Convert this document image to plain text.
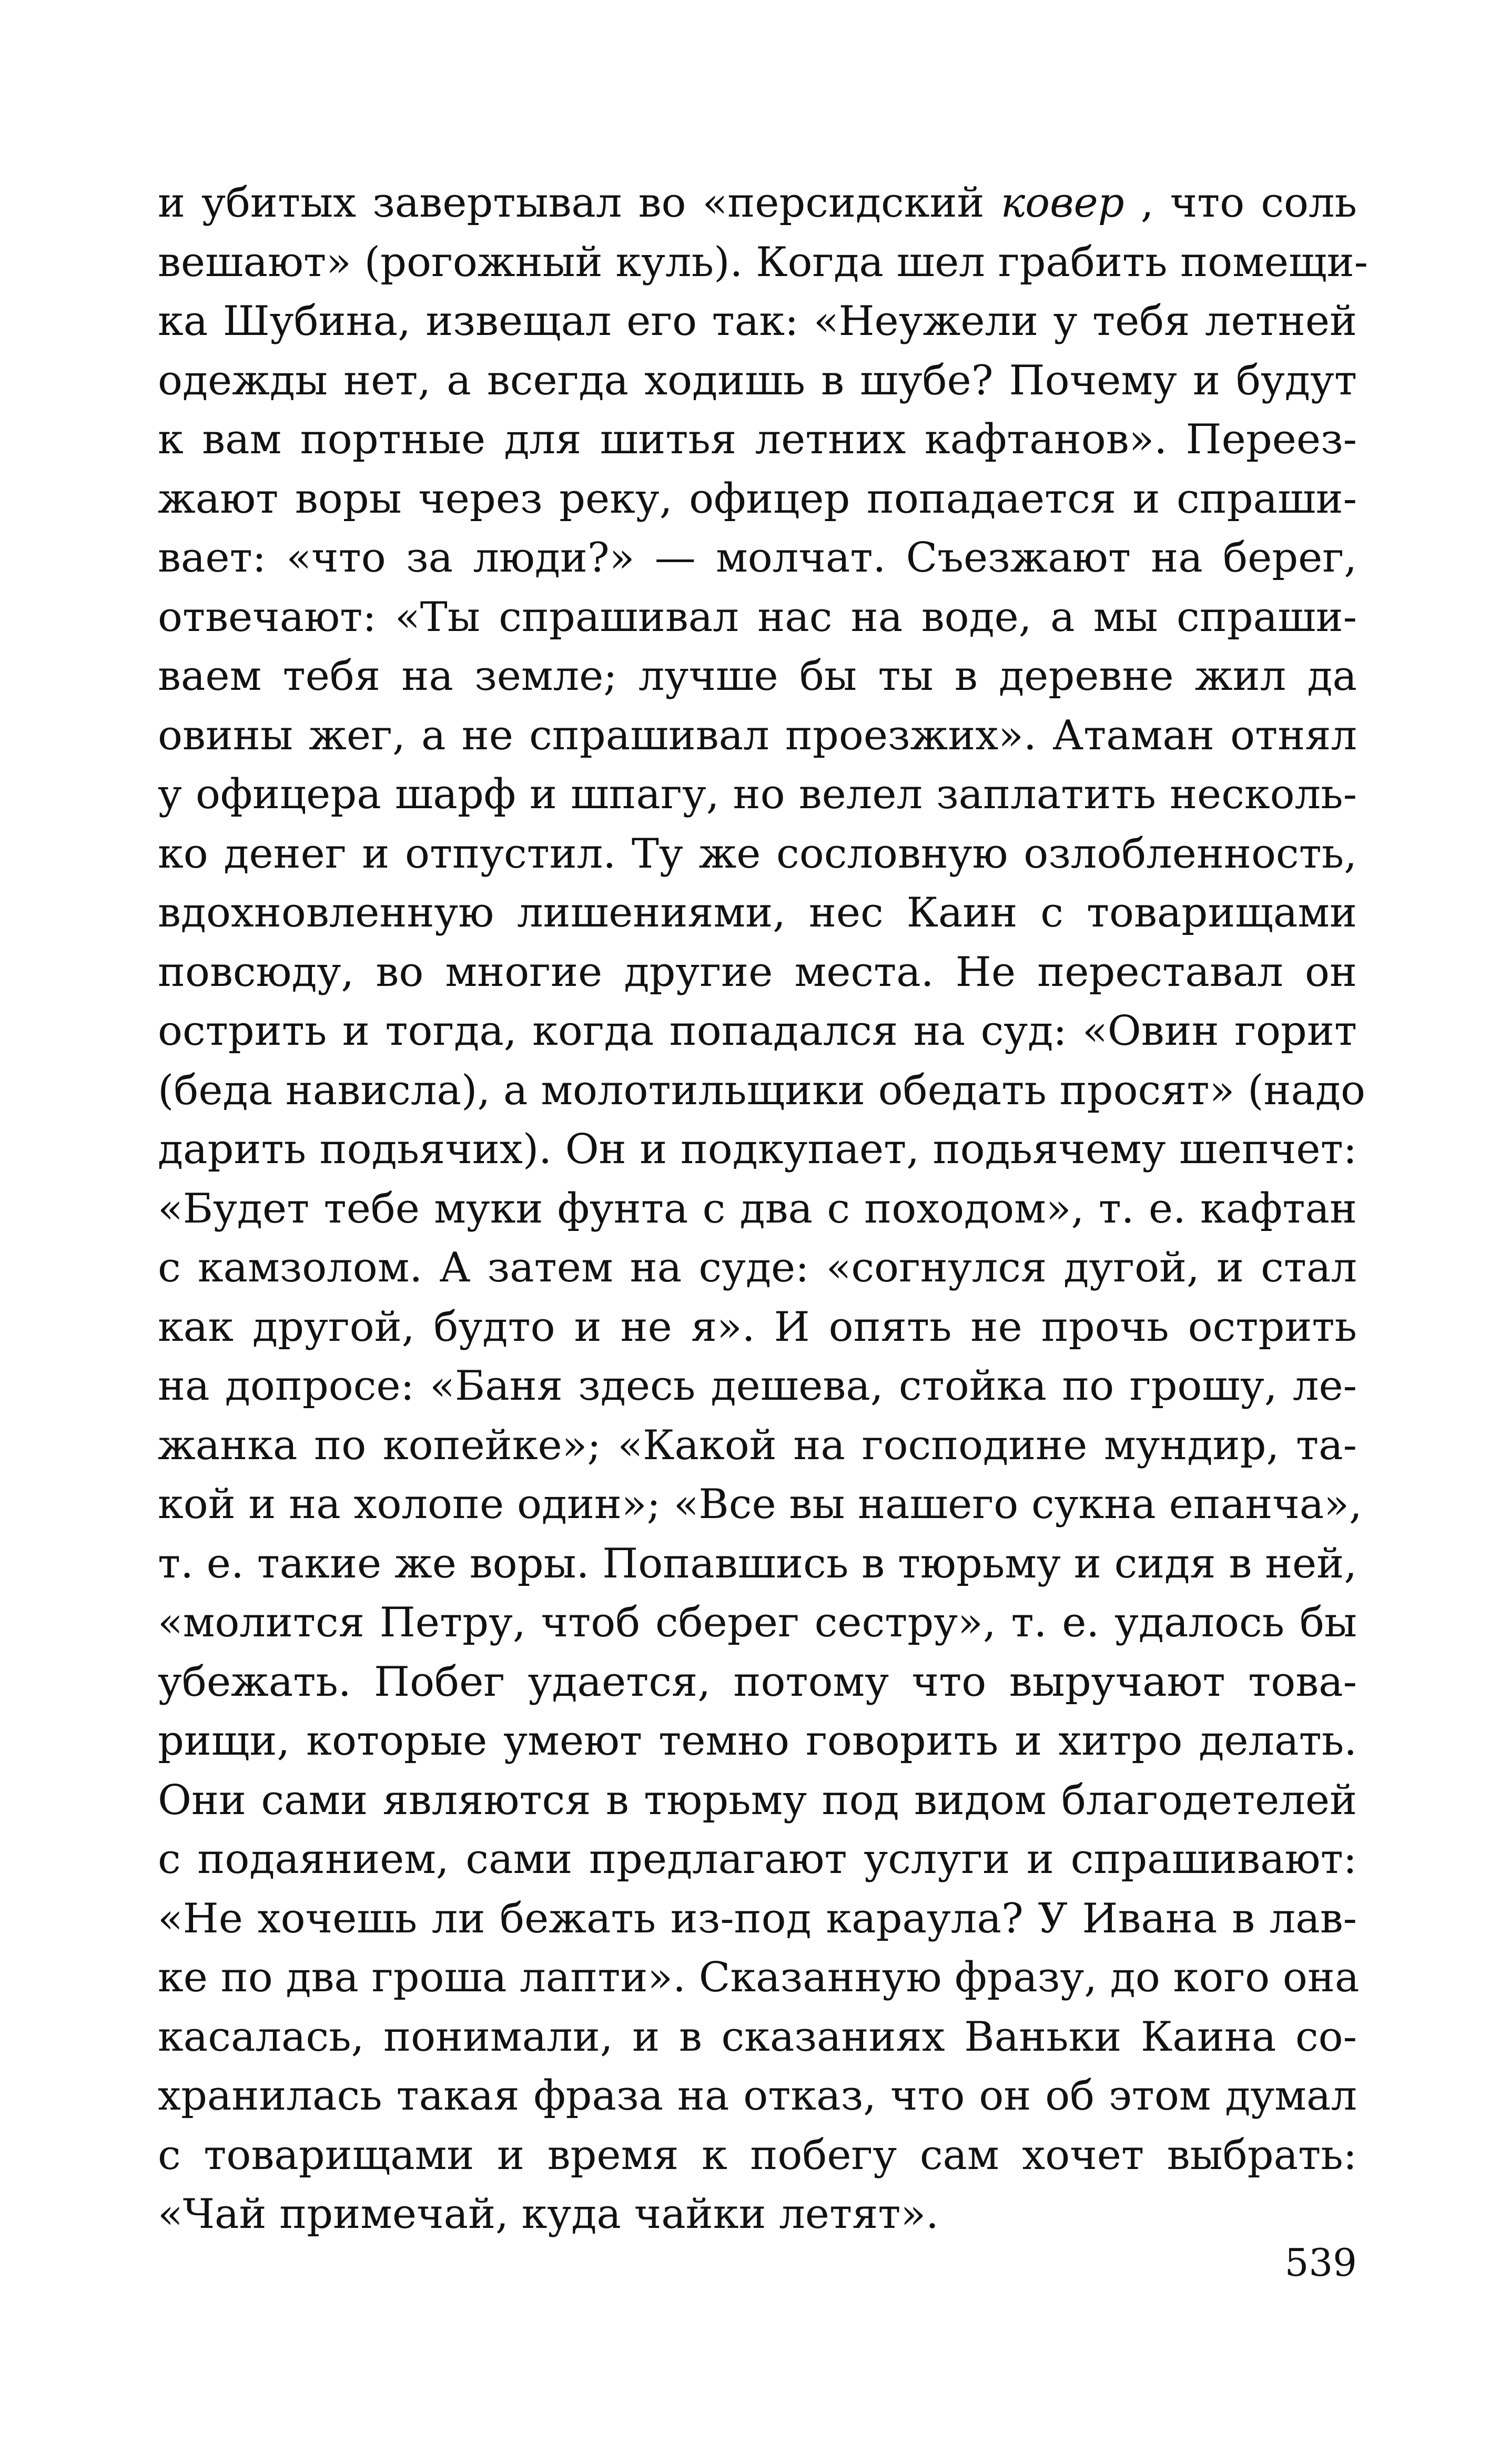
и убитых завертывал во «персидский ковер , что соль
вешают» (рогожный куль). Когда шел грабить помещи-
ка Шубина, извещал его так: «Неужели у тебя летней
одежды нет, а всегда ходишь в шубе? Почему и будут
к вам портные для шитья летних кафтанов». Переез-
жают воры через реку, офицер попадается и спраши-
вает: «что за люди?» — молчат. Съезжают на берег,
отвечают: «Ты спрашивал нас на воде, а мы спраши-
ваем тебя на земле; лучше бы ты в деревне жил да
овины жег, а не спрашивал проезжих». Атаман отнял
у офицера шарф и шпагу, но велел заплатить несколь-
ко денег и отпустил. Ту же сословную озлобленность,
вдохновленную лишениями, нес Каин с товарищами
повсюду, во многие другие места. Не переставал он
острить и тогда, когда попадался на суд: «Овин горит
(беда нависла), а молотильщики обедать просят» (надо
дарить подьячих). Он и подкупает, подьячему шепчет:
«Будет тебе муки фунта с два с походом», т. е. кафтан
с камзолом. А затем на суде: «согнулся дугой, и стал
как другой, будто и не я». И опять не прочь острить
на допросе: «Баня здесь дешева, стойка по грошу, ле-
жанка по копейке»; «Какой на господине мундир, та-
кой и на холопе один»; «Все вы нашего сукна епанча»,
т. е. такие же воры. Попавшись в тюрьму и сидя в ней,
«молится Петру, чтоб сберег сестру», т. е. удалось бы
убежать. Побег удается, потому что выручают това-
рищи, которые умеют темно говорить и хитро делать.
Они сами являются в тюрьму под видом благодетелей
с подаянием, сами предлагают услуги и спрашивают:
«Не хочешь ли бежать из-под караула? У Ивана в лав-
ке по два гроша лапти». Сказанную фразу, до кого она
касалась, понимали, и в сказаниях Ваньки Каина со-
хранилась такая фраза на отказ, что он об этом думал
с товарищами и время к побегу сам хочет выбрать:
«Чай примечай, куда чайки летят».
539
